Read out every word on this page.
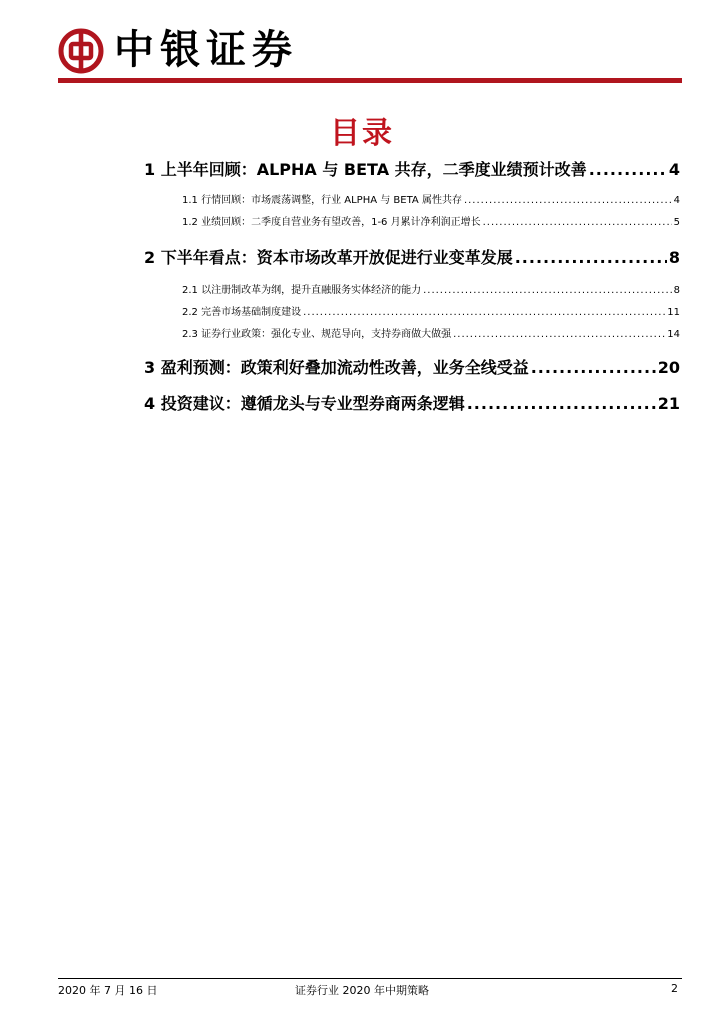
中银证券
目录
1 上半年回顾：ALPHA 与 BETA 共存，二季度业绩预计改善 .....	4
1.1 行情回顾：市场震荡调整，行业 ALPHA 与 BETA 属性共存 .....	4
1.2 业绩回顾：二季度自营业务有望改善，1-6 月累计净利润正增长 .....	5
2 下半年看点：资本市场改革开放促进行业变革发展 .....	8
2.1 以注册制改革为纲，提升直融服务实体经济的能力 .....	8
2.2 完善市场基础制度建设 .....	11
2.3 证券行业政策：强化专业、规范导向，支持券商做大做强 .....	14
3 盈利预测：政策利好叠加流动性改善，业务全线受益 .....	20
4 投资建议：遵循龙头与专业型券商两条逻辑 .....	21
2020 年 7 月 16 日	证券行业 2020 年中期策略	2
